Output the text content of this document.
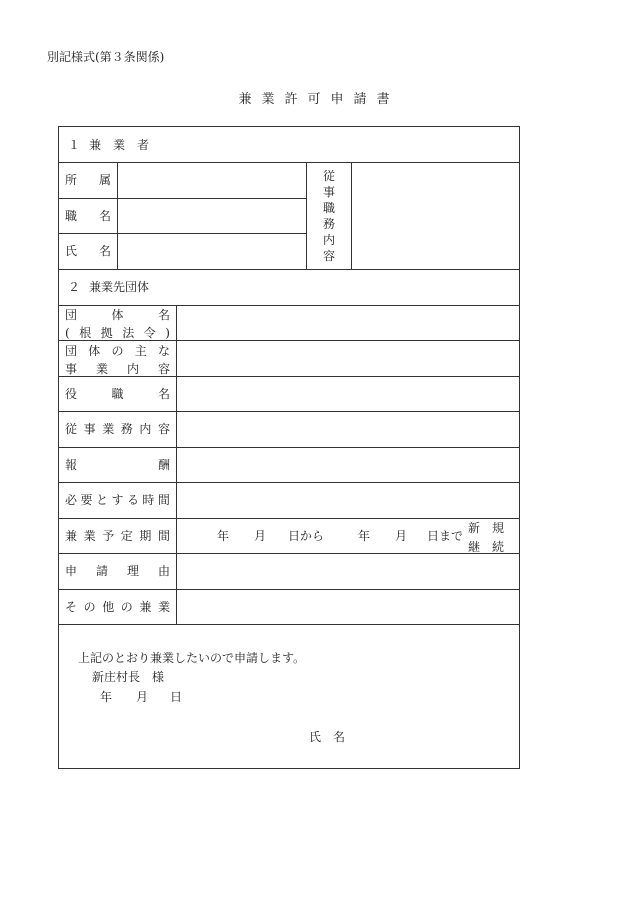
別記様式(第３条関係)
兼業許可申請書
１ 兼業者
所 属
職 名
氏 名
従
事
職
務
内
容
２ 兼業先団体
団	体	名
( 根 拠 法 令 )
団 体 の 主 な
事 業 内 容
役	職	名
従 事 業 務 内 容
報	酬
必 要 と す る 時 間
兼 業 予 定 期 間	年 月 日から	年 月 日まで
新 規
継 続
申 請 理 由
そ の 他 の 兼 業
上記のとおり兼業したいので申請します。
新庄村長　様
年 月 日
氏名
